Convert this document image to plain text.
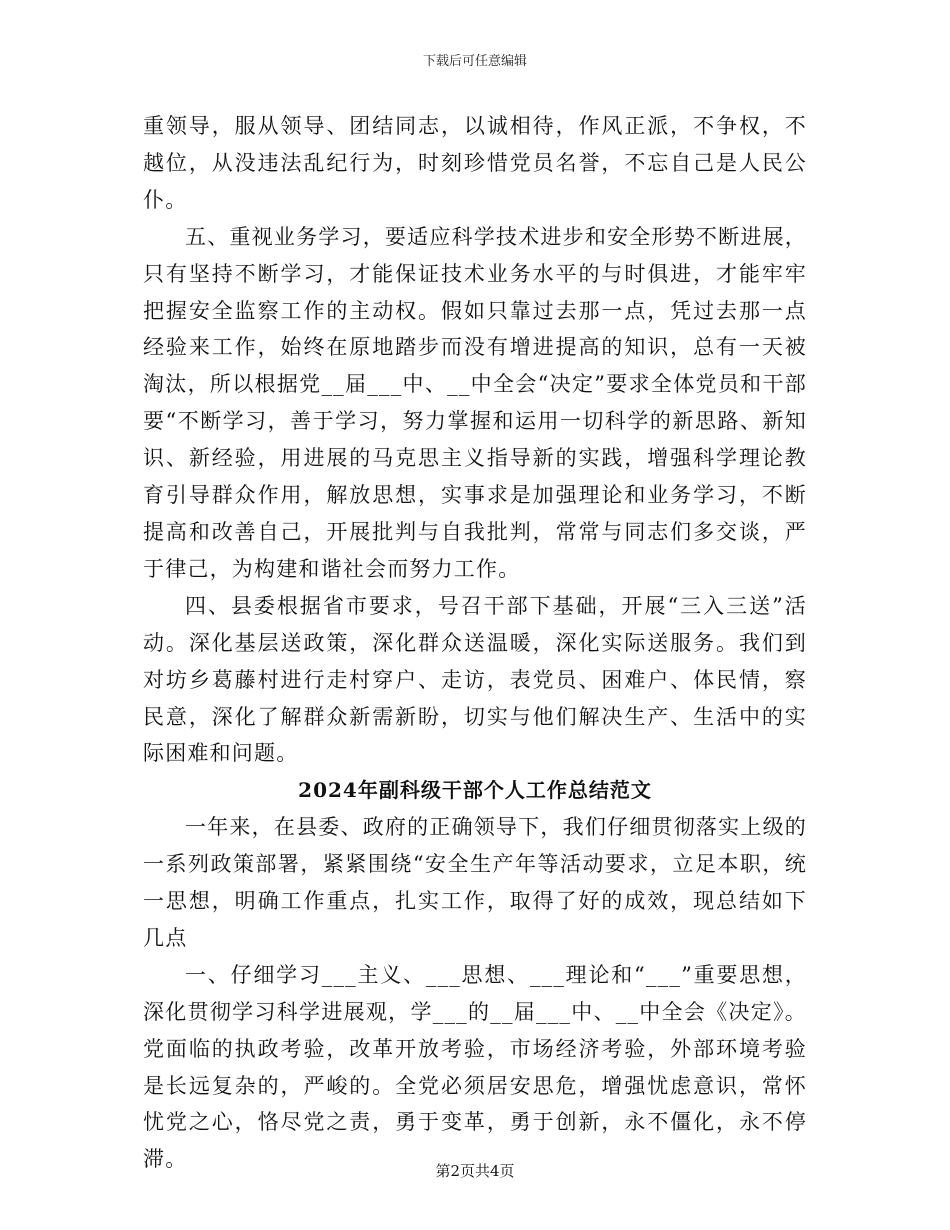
下载后可任意编辑

重领导，服从领导、团结同志，以诚相待，作风正派，不争权，不越位，从没违法乱纪行为，时刻珍惜党员名誉，不忘自己是人民公仆。

五、重视业务学习，要适应科学技术进步和安全形势不断进展，只有坚持不断学习，才能保证技术业务水平的与时俱进，才能牢牢把握安全监察工作的主动权。假如只靠过去那一点，凭过去那一点经验来工作，始终在原地踏步而没有增进提高的知识，总有一天被淘汰，所以根据党__届___中、__中全会“决定”要求全体党员和干部要“不断学习，善于学习，努力掌握和运用一切科学的新思路、新知识、新经验，用进展的马克思主义指导新的实践，增强科学理论教育引导群众作用，解放思想，实事求是加强理论和业务学习，不断提高和改善自己，开展批判与自我批判，常常与同志们多交谈，严于律己，为构建和谐社会而努力工作。

四、县委根据省市要求，号召干部下基础，开展“三入三送”活动。深化基层送政策，深化群众送温暖，深化实际送服务。我们到对坊乡葛藤村进行走村穿户、走访，表党员、困难户、体民情，察民意，深化了解群众新需新盼，切实与他们解决生产、生活中的实际困难和问题。

2024年副科级干部个人工作总结范文

一年来，在县委、政府的正确领导下，我们仔细贯彻落实上级的一系列政策部署，紧紧围绕“安全生产年等活动要求，立足本职，统一思想，明确工作重点，扎实工作，取得了好的成效，现总结如下几点

一、仔细学习___主义、___思想、___理论和“___”重要思想，深化贯彻学习科学进展观，学___的__届___中、__中全会《决定》。党面临的执政考验，改革开放考验，市场经济考验，外部环境考验是长远复杂的，严峻的。全党必须居安思危，增强忧虑意识，常怀忧党之心，恪尽党之责，勇于变革，勇于创新，永不僵化，永不停滞。	第2页共4页
